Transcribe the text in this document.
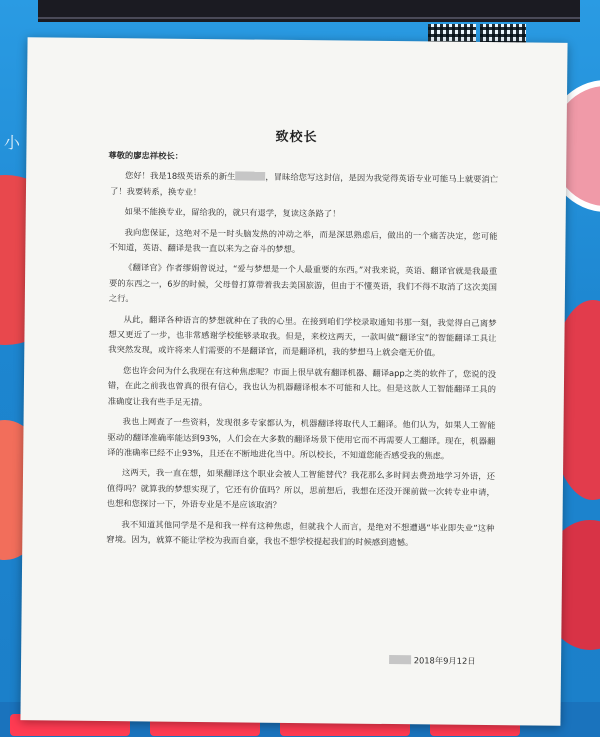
小	致校长
尊敬的廖忠祥校长：

您好！我是18级英语系的新生	，冒昧给您写这封信，是因为我觉得英语专业可能马上就要消亡了！我要转系，换专业！

如果不能换专业，留给我的，就只有退学，复读这条路了！

我向您保证，这绝对不是一时头脑发热的冲动之举，而是深思熟虑后，做出的一个痛苦决定，您可能不知道，英语、翻译是我一直以来为之奋斗的梦想。

《翻译官》作者缪娟曾说过，“爱与梦想是一个人最重要的东西。”对我来说，英语、翻译官就是我最重要的东西之一，6岁的时候，父母曾打算带着我去美国旅游，但由于不懂英语，我们不得不取消了这次美国之行。

从此，翻译各种语言的梦想就种在了我的心里。在接到咱们学校录取通知书那一刻，我觉得自己离梦想又更近了一步，也非常感谢学校能够录取我。但是，来校这两天，一款叫做“翻译宝”的智能翻译工具让我突然发现，或许将来人们需要的不是翻译官，而是翻译机，我的梦想马上就会毫无价值。

您也许会问为什么我现在有这种焦虑呢？市面上很早就有翻译机器、翻译app之类的软件了，您说的没错，在此之前我也曾真的很有信心，我也认为机器翻译根本不可能和人比。但是这款人工智能翻译工具的准确度让我有些手足无措。

我也上网查了一些资料，发现很多专家都认为，机器翻译将取代人工翻译。他们认为，如果人工智能驱动的翻译准确率能达到93%，人们会在大多数的翻译场景下使用它而不再需要人工翻译。现在，机器翻译的准确率已经不止93%，且还在不断地进化当中。所以校长，不知道您能否感受我的焦虑。

这两天，我一直在想，如果翻译这个职业会被人工智能替代？我花那么多时间去费劲地学习外语，还值得吗？就算我的梦想实现了，它还有价值吗？所以，思前想后，我想在还没开课前做一次转专业申请，也想和您探讨一下，外语专业是不是应该取消？

我不知道其他同学是不是和我一样有这种焦虑，但就我个人而言，是绝对不想遭遇“毕业即失业”这种窘境。因为，就算不能让学校为我而自豪，我也不想学校提起我们的时候感到遗憾。

2018年9月12日
